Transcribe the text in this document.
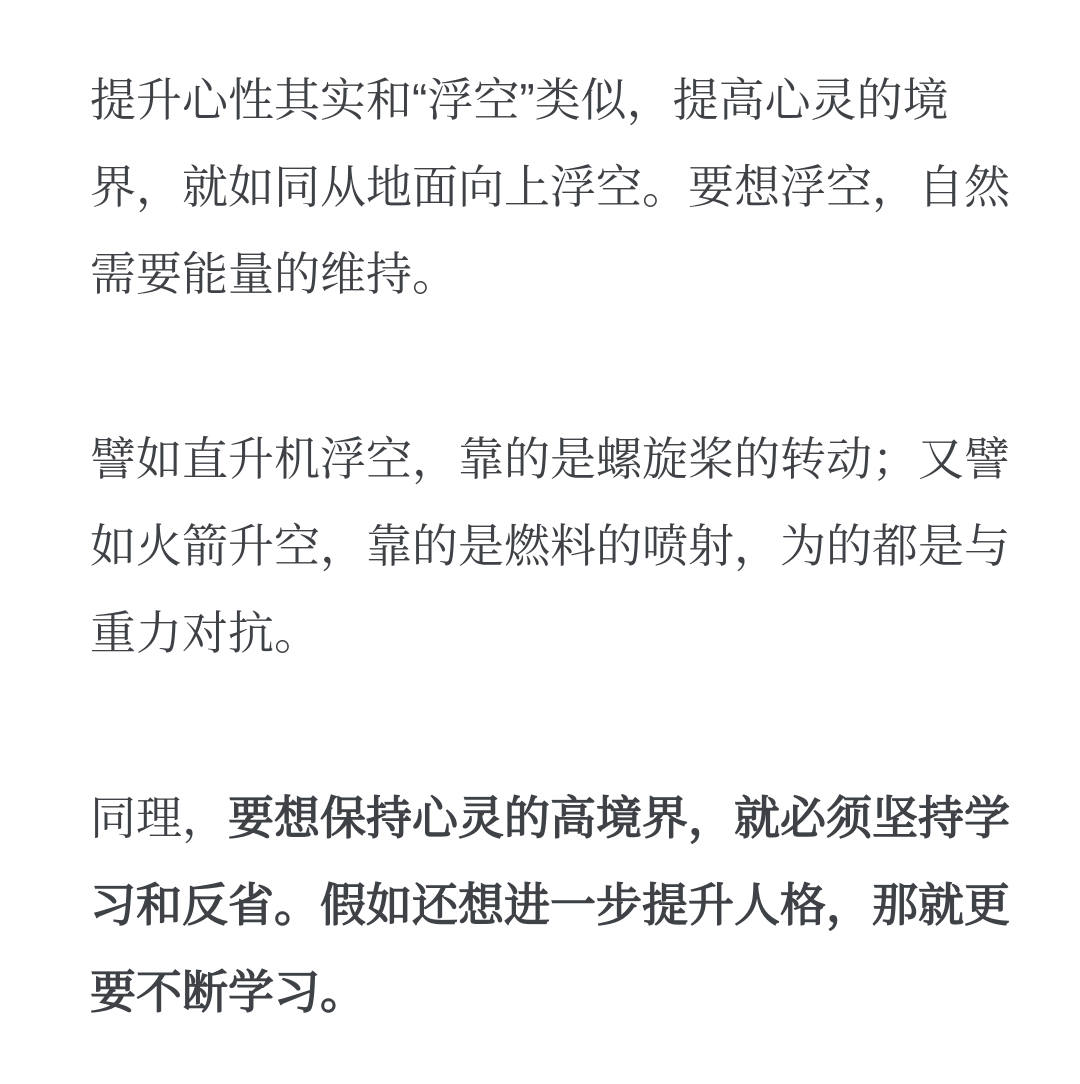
提升心性其实和“浮空”类似，提高心灵的境界，就如同从地面向上浮空。要想浮空，自然需要能量的维持。

譬如直升机浮空，靠的是螺旋桨的转动；又譬如火箭升空，靠的是燃料的喷射，为的都是与重力对抗。

同理，要想保持心灵的高境界，就必须坚持学习和反省。假如还想进一步提升人格，那就更要不断学习。
